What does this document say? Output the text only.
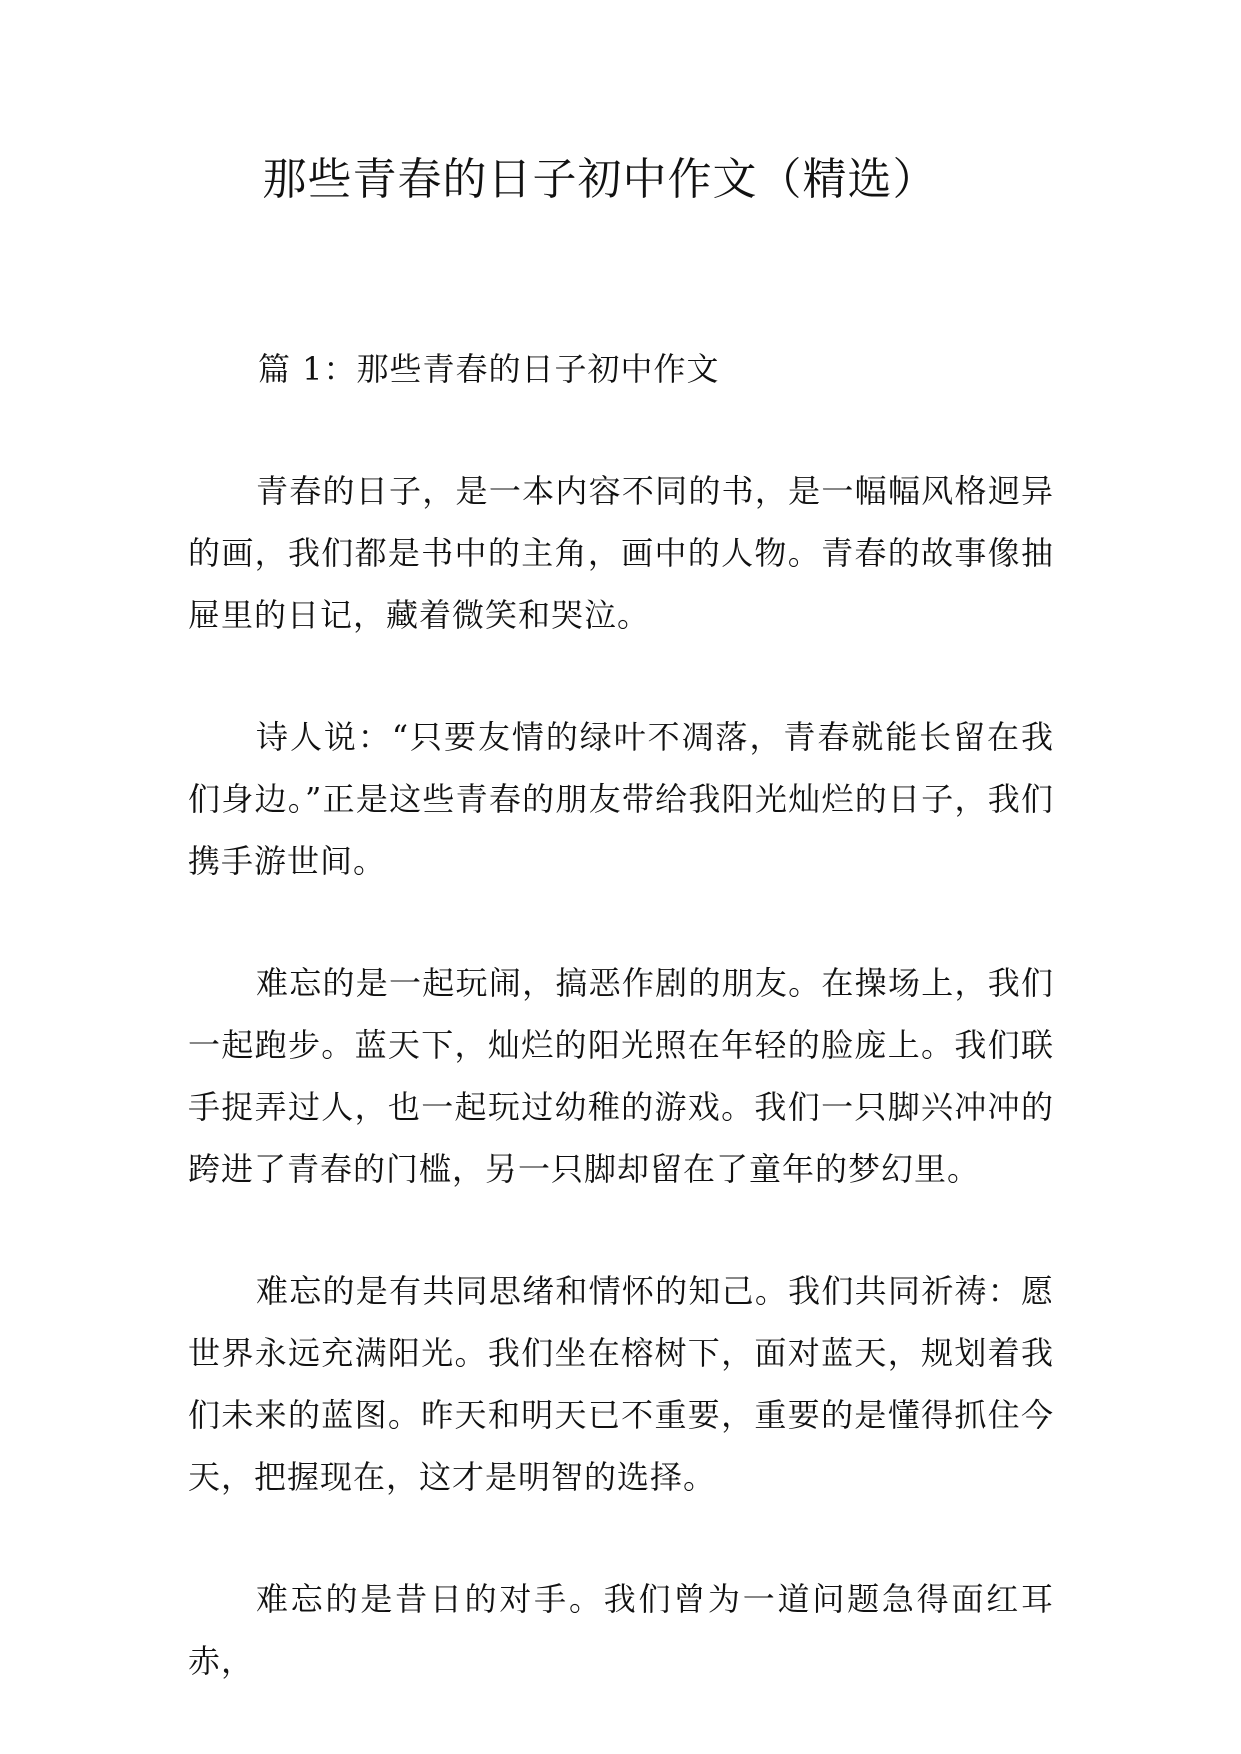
那些青春的日子初中作文（精选）
篇 1：那些青春的日子初中作文

青春的日子，是一本内容不同的书，是一幅幅风格迥异的画，我们都是书中的主角，画中的人物。青春的故事像抽屉里的日记，藏着微笑和哭泣。

诗人说：“只要友情的绿叶不凋落，青春就能长留在我们身边。”正是这些青春的朋友带给我阳光灿烂的日子，我们携手游世间。

难忘的是一起玩闹，搞恶作剧的朋友。在操场上，我们一起跑步。蓝天下，灿烂的阳光照在年轻的脸庞上。我们联手捉弄过人，也一起玩过幼稚的游戏。我们一只脚兴冲冲的跨进了青春的门槛，另一只脚却留在了童年的梦幻里。

难忘的是有共同思绪和情怀的知己。我们共同祈祷：愿世界永远充满阳光。我们坐在榕树下，面对蓝天，规划着我们未来的蓝图。昨天和明天已不重要，重要的是懂得抓住今天，把握现在，这才是明智的选择。

难忘的是昔日的对手。我们曾为一道问题急得面红耳赤，
